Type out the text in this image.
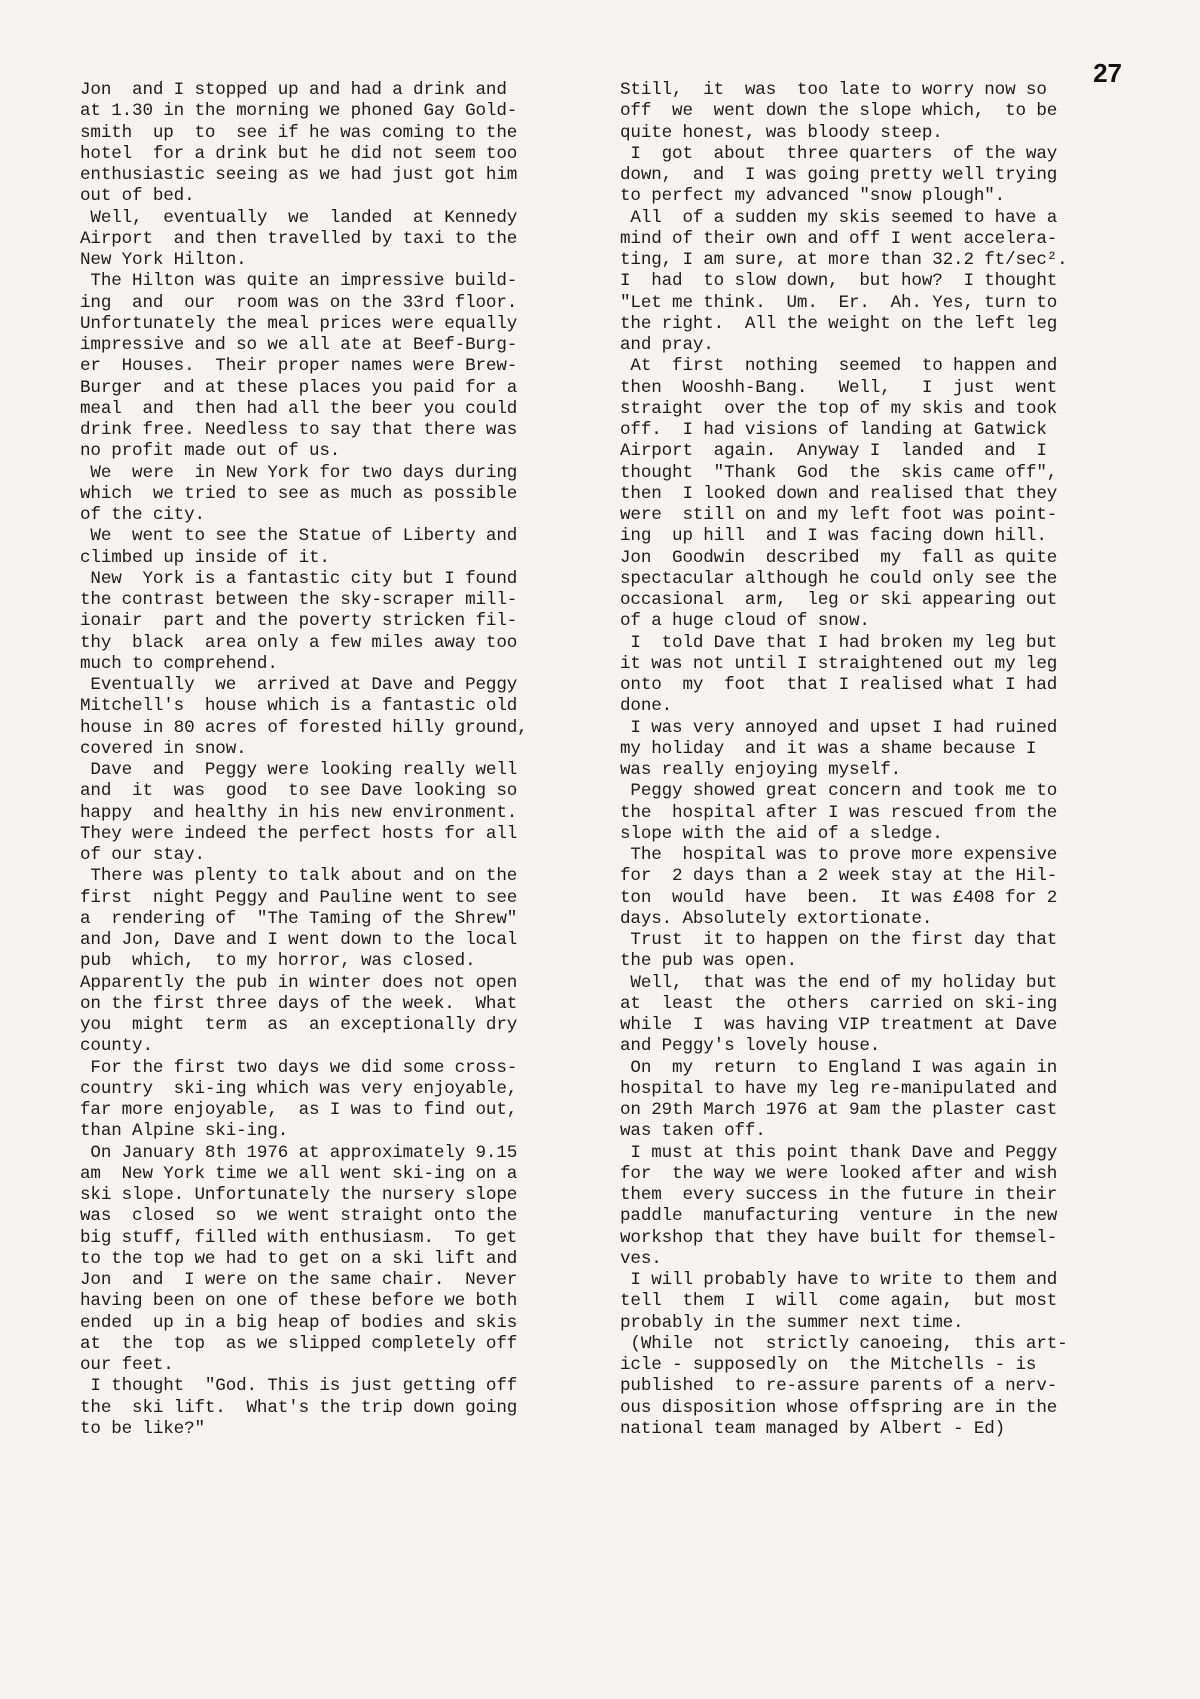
27
Jon  and I stopped up and had a drink and
at 1.30 in the morning we phoned Gay Gold-
smith  up  to  see if he was coming to the
hotel  for a drink but he did not seem too
enthusiastic seeing as we had just got him
out of bed.
Well,  eventually  we  landed  at Kennedy
Airport  and then travelled by taxi to the
New York Hilton.
The Hilton was quite an impressive build-
ing  and  our  room was on the 33rd floor.
Unfortunately the meal prices were equally
impressive and so we all ate at Beef-Burg-
er  Houses.  Their proper names were Brew-
Burger  and at these places you paid for a
meal  and  then had all the beer you could
drink free. Needless to say that there was
no profit made out of us.
We  were  in New York for two days during
which  we tried to see as much as possible
of the city.
We  went to see the Statue of Liberty and
climbed up inside of it.
New  York is a fantastic city but I found
the contrast between the sky-scraper mill-
ionair  part and the poverty stricken fil-
thy  black  area only a few miles away too
much to comprehend.
Eventually  we  arrived at Dave and Peggy
Mitchell's  house which is a fantastic old
house in 80 acres of forested hilly ground,
covered in snow.
Dave  and  Peggy were looking really well
and  it  was  good  to see Dave looking so
happy  and healthy in his new environment.
They were indeed the perfect hosts for all
of our stay.
There was plenty to talk about and on the
first  night Peggy and Pauline went to see
a  rendering of  "The Taming of the Shrew"
and Jon, Dave and I went down to the local
pub  which,  to my horror, was closed.
Apparently the pub in winter does not open
on the first three days of the week.  What
you  might  term  as  an exceptionally dry
county.
For the first two days we did some cross-
country  ski-ing which was very enjoyable,
far more enjoyable,  as I was to find out,
than Alpine ski-ing.
On January 8th 1976 at approximately 9.15
am  New York time we all went ski-ing on a
ski slope. Unfortunately the nursery slope
was  closed  so  we went straight onto the
big stuff, filled with enthusiasm.  To get
to the top we had to get on a ski lift and
Jon  and  I were on the same chair.  Never
having been on one of these before we both
ended  up in a big heap of bodies and skis
at  the  top  as we slipped completely off
our feet.
I thought  "God. This is just getting off
the  ski lift.  What's the trip down going
to be like?"
Still,  it  was  too late to worry now so
off  we  went down the slope which,  to be
quite honest, was bloody steep.
I  got  about  three quarters  of the way
down,  and  I was going pretty well trying
to perfect my advanced "snow plough".
All  of a sudden my skis seemed to have a
mind of their own and off I went accelera-
ting, I am sure, at more than 32.2 ft/sec².
I  had  to slow down,  but how?  I thought
"Let me think.  Um.  Er.  Ah. Yes, turn to
the right.  All the weight on the left leg
and pray.
At  first  nothing  seemed  to happen and
then  Wooshh-Bang.   Well,   I  just  went
straight  over the top of my skis and took
off.  I had visions of landing at Gatwick
Airport  again.  Anyway I  landed  and  I
thought  "Thank  God  the  skis came off",
then  I looked down and realised that they
were  still on and my left foot was point-
ing  up hill  and I was facing down hill.
Jon  Goodwin  described  my  fall as quite
spectacular although he could only see the
occasional  arm,  leg or ski appearing out
of a huge cloud of snow.
I  told Dave that I had broken my leg but
it was not until I straightened out my leg
onto  my  foot  that I realised what I had
done.
I was very annoyed and upset I had ruined
my holiday  and it was a shame because I
was really enjoying myself.
Peggy showed great concern and took me to
the  hospital after I was rescued from the
slope with the aid of a sledge.
The  hospital was to prove more expensive
for  2 days than a 2 week stay at the Hil-
ton  would  have  been.  It was £408 for 2
days. Absolutely extortionate.
Trust  it to happen on the first day that
the pub was open.
Well,  that was the end of my holiday but
at  least  the  others  carried on ski-ing
while  I  was having VIP treatment at Dave
and Peggy's lovely house.
On  my  return  to England I was again in
hospital to have my leg re-manipulated and
on 29th March 1976 at 9am the plaster cast
was taken off.
I must at this point thank Dave and Peggy
for  the way we were looked after and wish
them  every success in the future in their
paddle  manufacturing  venture  in the new
workshop that they have built for themsel-
ves.
I will probably have to write to them and
tell  them  I  will  come again,  but most
probably in the summer next time.
(While  not  strictly canoeing,  this art-
icle - supposedly on  the Mitchells - is
published  to re-assure parents of a nerv-
ous disposition whose offspring are in the
national team managed by Albert - Ed)
